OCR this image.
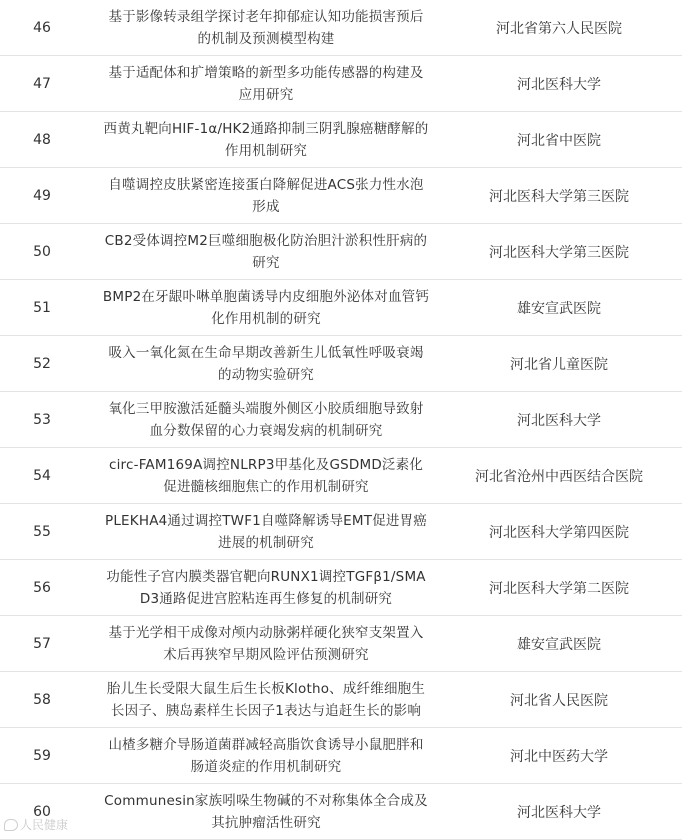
46
基于影像转录组学探讨老年抑郁症认知功能损害预后
的机制及预测模型构建
河北省第六人民医院
47
基于适配体和扩增策略的新型多功能传感器的构建及
应用研究
河北医科大学
48
西黄丸靶向HIF-1α/HK2通路抑制三阴乳腺癌糖酵解的
作用机制研究
河北省中医院
49
自噬调控皮肤紧密连接蛋白降解促进ACS张力性水泡
形成
河北医科大学第三医院
50
CB2受体调控M2巨噬细胞极化防治胆汁淤积性肝病的
研究
河北医科大学第三医院
51
BMP2在牙龈卟啉单胞菌诱导内皮细胞外泌体对血管钙
化作用机制的研究
雄安宣武医院
52
吸入一氧化氮在生命早期改善新生儿低氧性呼吸衰竭
的动物实验研究
河北省儿童医院
53
氧化三甲胺激活延髓头端腹外侧区小胶质细胞导致射
血分数保留的心力衰竭发病的机制研究
河北医科大学
54
circ-FAM169A调控NLRP3甲基化及GSDMD泛素化
促进髓核细胞焦亡的作用机制研究
河北省沧州中西医结合医院
55
PLEKHA4通过调控TWF1自噬降解诱导EMT促进胃癌
进展的机制研究
河北医科大学第四医院
56
功能性子宫内膜类器官靶向RUNX1调控TGFβ1/SMA
D3通路促进宫腔粘连再生修复的机制研究
河北医科大学第二医院
57
基于光学相干成像对颅内动脉粥样硬化狭窄支架置入
术后再狭窄早期风险评估预测研究
雄安宣武医院
58
胎儿生长受限大鼠生后生长板Klotho、成纤维细胞生
长因子、胰岛素样生长因子1表达与追赶生长的影响
河北省人民医院
59
山楂多糖介导肠道菌群减轻高脂饮食诱导小鼠肥胖和
肠道炎症的作用机制研究
河北中医药大学
60
Communesin家族吲哚生物碱的不对称集体全合成及
其抗肿瘤活性研究
河北医科大学
人民健康
